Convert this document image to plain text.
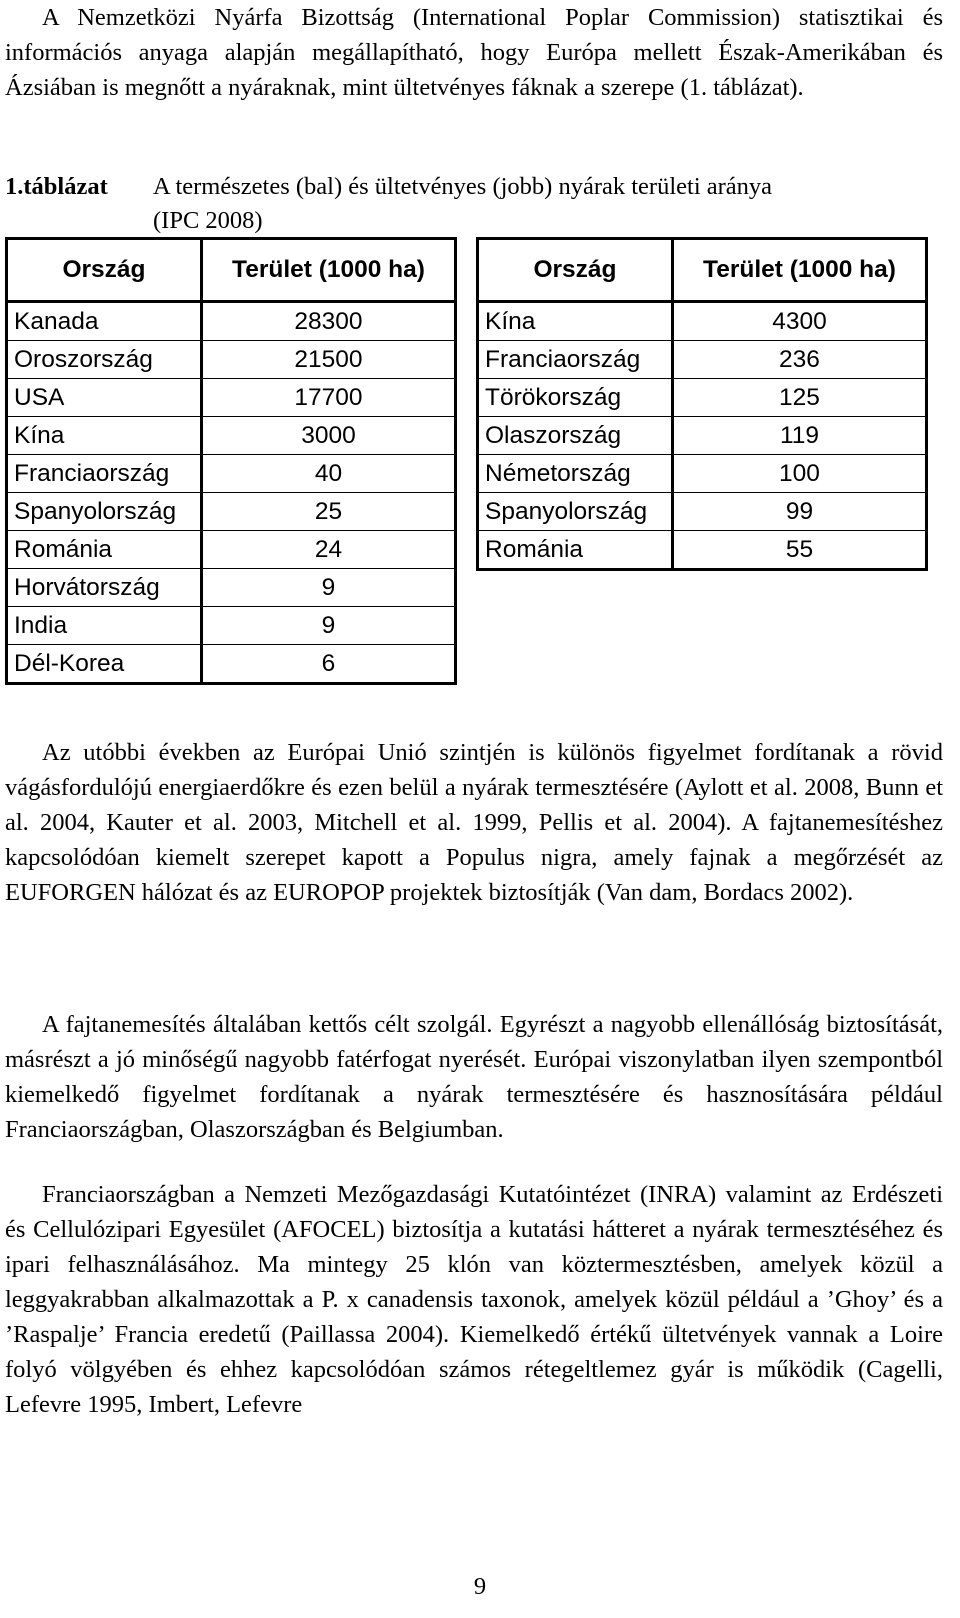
A Nemzetközi Nyárfa Bizottság (International Poplar Commission) statisztikai és információs anyaga alapján megállapítható, hogy Európa mellett Észak-Amerikában és Ázsiában is megnőtt a nyáraknak, mint ültetvényes fáknak a szerepe (1. táblázat).

1.táblázat A természetes (bal) és ültetvényes (jobb) nyárak területi aránya
(IPC 2008)
Ország	Terület (1000 ha)
Kanada	28300
Oroszország	21500
USA	17700
Kína	3000
Franciaország	40
Spanyolország	25
Románia	24
Horvátország	9
India	9
Dél-Korea	6
Ország	Terület (1000 ha)
Kína	4300
Franciaország	236
Törökország	125
Olaszország	119
Németország	100
Spanyolország	99
Románia	55

Az utóbbi években az Európai Unió szintjén is különös figyelmet fordítanak a rövid vágásfordulójú energiaerdőkre és ezen belül a nyárak termesztésére (Aylott et al. 2008, Bunn et al. 2004, Kauter et al. 2003, Mitchell et al. 1999, Pellis et al. 2004). A fajtanemesítéshez kapcsolódóan kiemelt szerepet kapott a Populus nigra, amely fajnak a megőrzését az EUFORGEN hálózat és az EUROPOP projektek biztosítják (Van dam, Bordacs 2002).

A fajtanemesítés általában kettős célt szolgál. Egyrészt a nagyobb ellenállóság biztosítását, másrészt a jó minőségű nagyobb fatérfogat nyerését. Európai viszonylatban ilyen szempontból kiemelkedő figyelmet fordítanak a nyárak termesztésére és hasznosítására például Franciaországban, Olaszországban és Belgiumban.

Franciaországban a Nemzeti Mezőgazdasági Kutatóintézet (INRA) valamint az Erdészeti és Cellulózipari Egyesület (AFOCEL) biztosítja a kutatási hátteret a nyárak termesztéséhez és ipari felhasználásához. Ma mintegy 25 klón van köztermesztésben, amelyek közül a leggyakrabban alkalmazottak a P. x canadensis taxonok, amelyek közül például a ’Ghoy’ és a ’Raspalje’ Francia eredetű (Paillassa 2004). Kiemelkedő értékű ültetvények vannak a Loire folyó völgyében és ehhez kapcsolódóan számos rétegeltlemez gyár is működik (Cagelli, Lefevre 1995, Imbert, Lefevre

9
